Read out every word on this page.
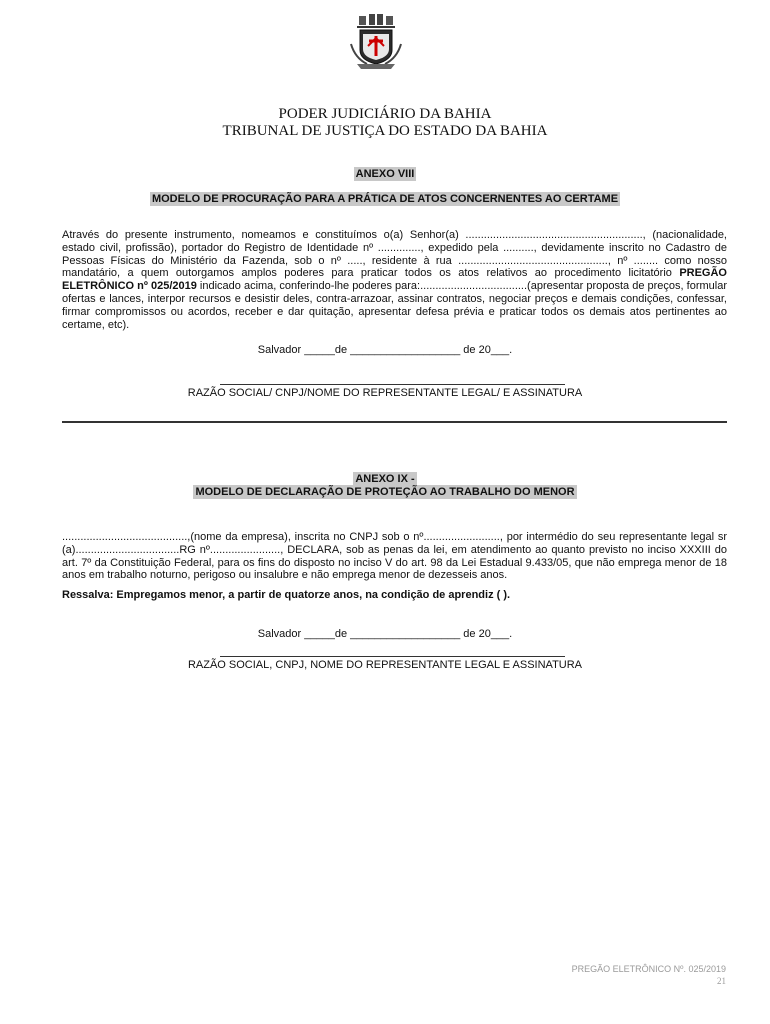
PODER JUDICIÁRIO DA BAHIA
TRIBUNAL DE JUSTIÇA DO ESTADO DA BAHIA
ANEXO VIII
MODELO DE PROCURAÇÃO PARA A PRÁTICA DE ATOS CONCERNENTES AO CERTAME
Através do presente instrumento, nomeamos e constituímos o(a) Senhor(a) .........................................................., (nacionalidade, estado civil, profissão), portador do Registro de Identidade nº .............., expedido pela .........., devidamente inscrito no Cadastro de Pessoas Físicas do Ministério da Fazenda, sob o nº ....., residente à rua ................................................., nº ........ como nosso mandatário, a quem outorgamos amplos poderes para praticar todos os atos relativos ao procedimento licitatório PREGÃO ELETRÔNICO nº 025/2019 indicado acima, conferindo-lhe poderes para:...................................(apresentar proposta de preços, formular ofertas e lances, interpor recursos e desistir deles, contra-arrazoar, assinar contratos, negociar preços e demais condições, confessar, firmar compromissos ou acordos, receber e dar quitação, apresentar defesa prévia e praticar todos os demais atos pertinentes ao certame, etc).
Salvador _____de __________________ de 20___.
RAZÃO SOCIAL/ CNPJ/NOME DO REPRESENTANTE LEGAL/ E ASSINATURA
ANEXO IX -
MODELO DE DECLARAÇÃO DE PROTEÇÃO AO TRABALHO DO MENOR
.........................................,(nome da empresa), inscrita no CNPJ sob o nº........................., por intermédio do seu representante legal sr (a)..................................RG nº......................., DECLARA, sob as penas da lei, em atendimento ao quanto previsto no inciso XXXIII do art. 7º da Constituição Federal, para os fins do disposto no inciso V do art. 98 da Lei Estadual 9.433/05, que não emprega menor de 18 anos em trabalho noturno, perigoso ou insalubre e não emprega menor de dezesseis anos.
Ressalva: Empregamos menor, a partir de quatorze anos, na condição de aprendiz ( ).
Salvador _____de __________________ de 20___.
RAZÃO SOCIAL, CNPJ, NOME DO REPRESENTANTE LEGAL E ASSINATURA
PREGÃO ELETRÔNICO Nº. 025/2019
21
